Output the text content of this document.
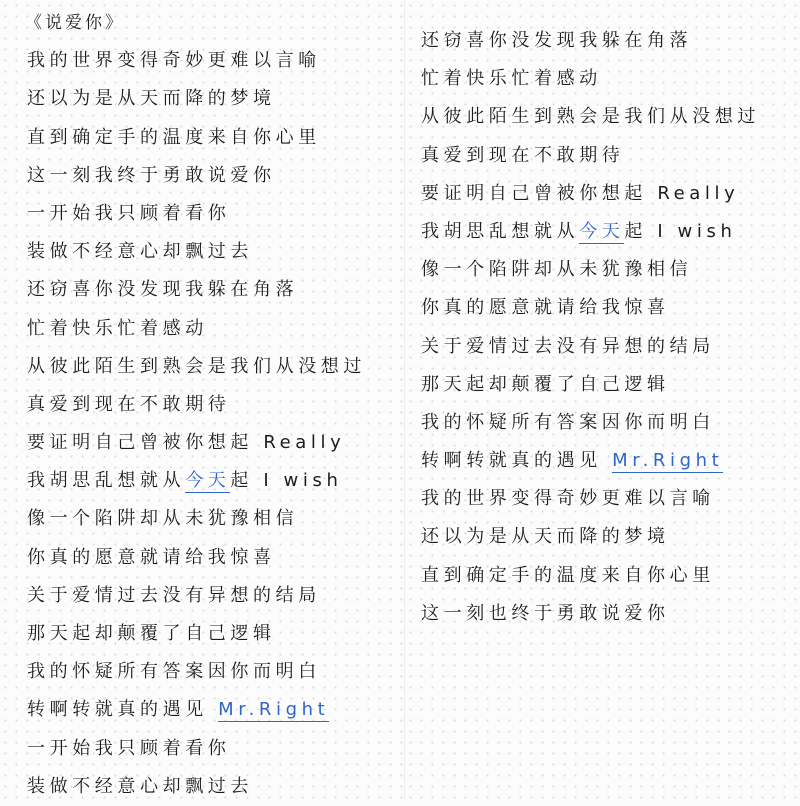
《说爱你》
我的世界变得奇妙更难以言喻
还以为是从天而降的梦境
直到确定手的温度来自你心里
这一刻我终于勇敢说爱你
一开始我只顾着看你
装做不经意心却飘过去
还窃喜你没发现我躲在角落
忙着快乐忙着感动
从彼此陌生到熟会是我们从没想过
真爱到现在不敢期待
要证明自己曾被你想起 Really
我胡思乱想就从今天起 I wish
像一个陷阱却从未犹豫相信
你真的愿意就请给我惊喜
关于爱情过去没有异想的结局
那天起却颠覆了自己逻辑
我的怀疑所有答案因你而明白
转啊转就真的遇见 Mr.Right
一开始我只顾着看你
装做不经意心却飘过去
还窃喜你没发现我躲在角落
忙着快乐忙着感动
从彼此陌生到熟会是我们从没想过
真爱到现在不敢期待
要证明自己曾被你想起 Really
我胡思乱想就从今天起 I wish
像一个陷阱却从未犹豫相信
你真的愿意就请给我惊喜
关于爱情过去没有异想的结局
那天起却颠覆了自己逻辑
我的怀疑所有答案因你而明白
转啊转就真的遇见 Mr.Right
我的世界变得奇妙更难以言喻
还以为是从天而降的梦境
直到确定手的温度来自你心里
这一刻也终于勇敢说爱你
